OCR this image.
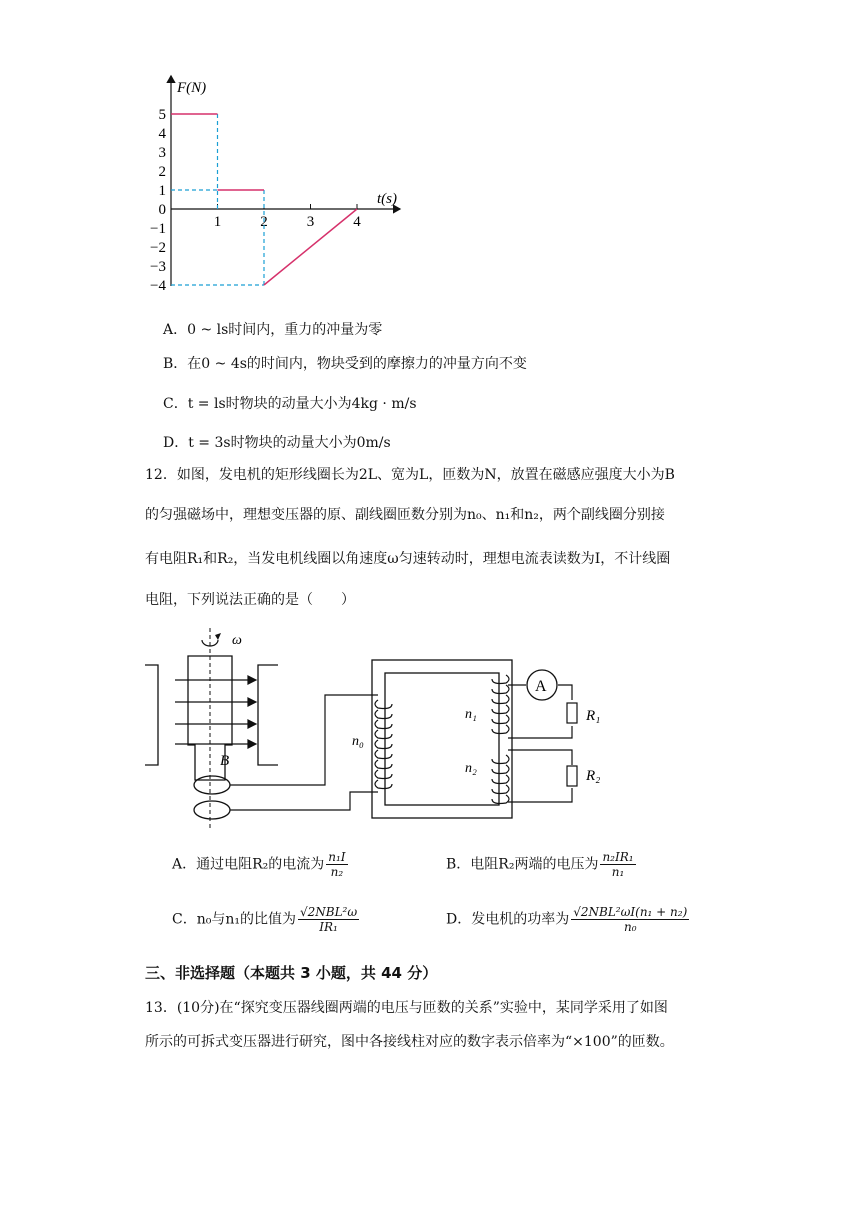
F(N)
t(s)
5
4
3
2
1
0
−1
−2
−3
−4
1	2	3	4
A．0 ~ ls时间内，重力的冲量为零
B．在0 ~ 4s的时间内，物块受到的摩擦力的冲量方向不变
C．t = ls时物块的动量大小为4kg · m/s
D．t = 3s时物块的动量大小为0m/s
12．如图，发电机的矩形线圈长为2L、宽为L，匝数为N，放置在磁感应强度大小为B
的匀强磁场中，理想变压器的原、副线圈匝数分别为n₀、n₁和n₂，两个副线圈分别接
有电阻R₁和R₂，当发电机线圈以角速度ω匀速转动时，理想电流表读数为I，不计线圈
电阻，下列说法正确的是（　　）
ω
B
n₀
n₁
n₂
A
R₁
R₂
A．通过电阻R₂的电流为 $\frac{\text{n₁I}}{\text{n₂}}$	B．电阻R₂两端的电压为 $\frac{\text{n₂IR₁}}{\text{n₁}}$
C．n₀与n₁的比值为 $\frac{\text{√2NBL²ω}}{\text{IR₁}}$	D．发电机的功率为 $\frac{\text{√2NBL²ωI(n₁ + n₂)}}{\text{n₀}}$
三、非选择题（本题共 3 小题，共 44 分）
13．(10分)在“探究变压器线圈两端的电压与匝数的关系”实验中，某同学采用了如图
所示的可拆式变压器进行研究，图中各接线柱对应的数字表示倍率为“×100”的匝数。
